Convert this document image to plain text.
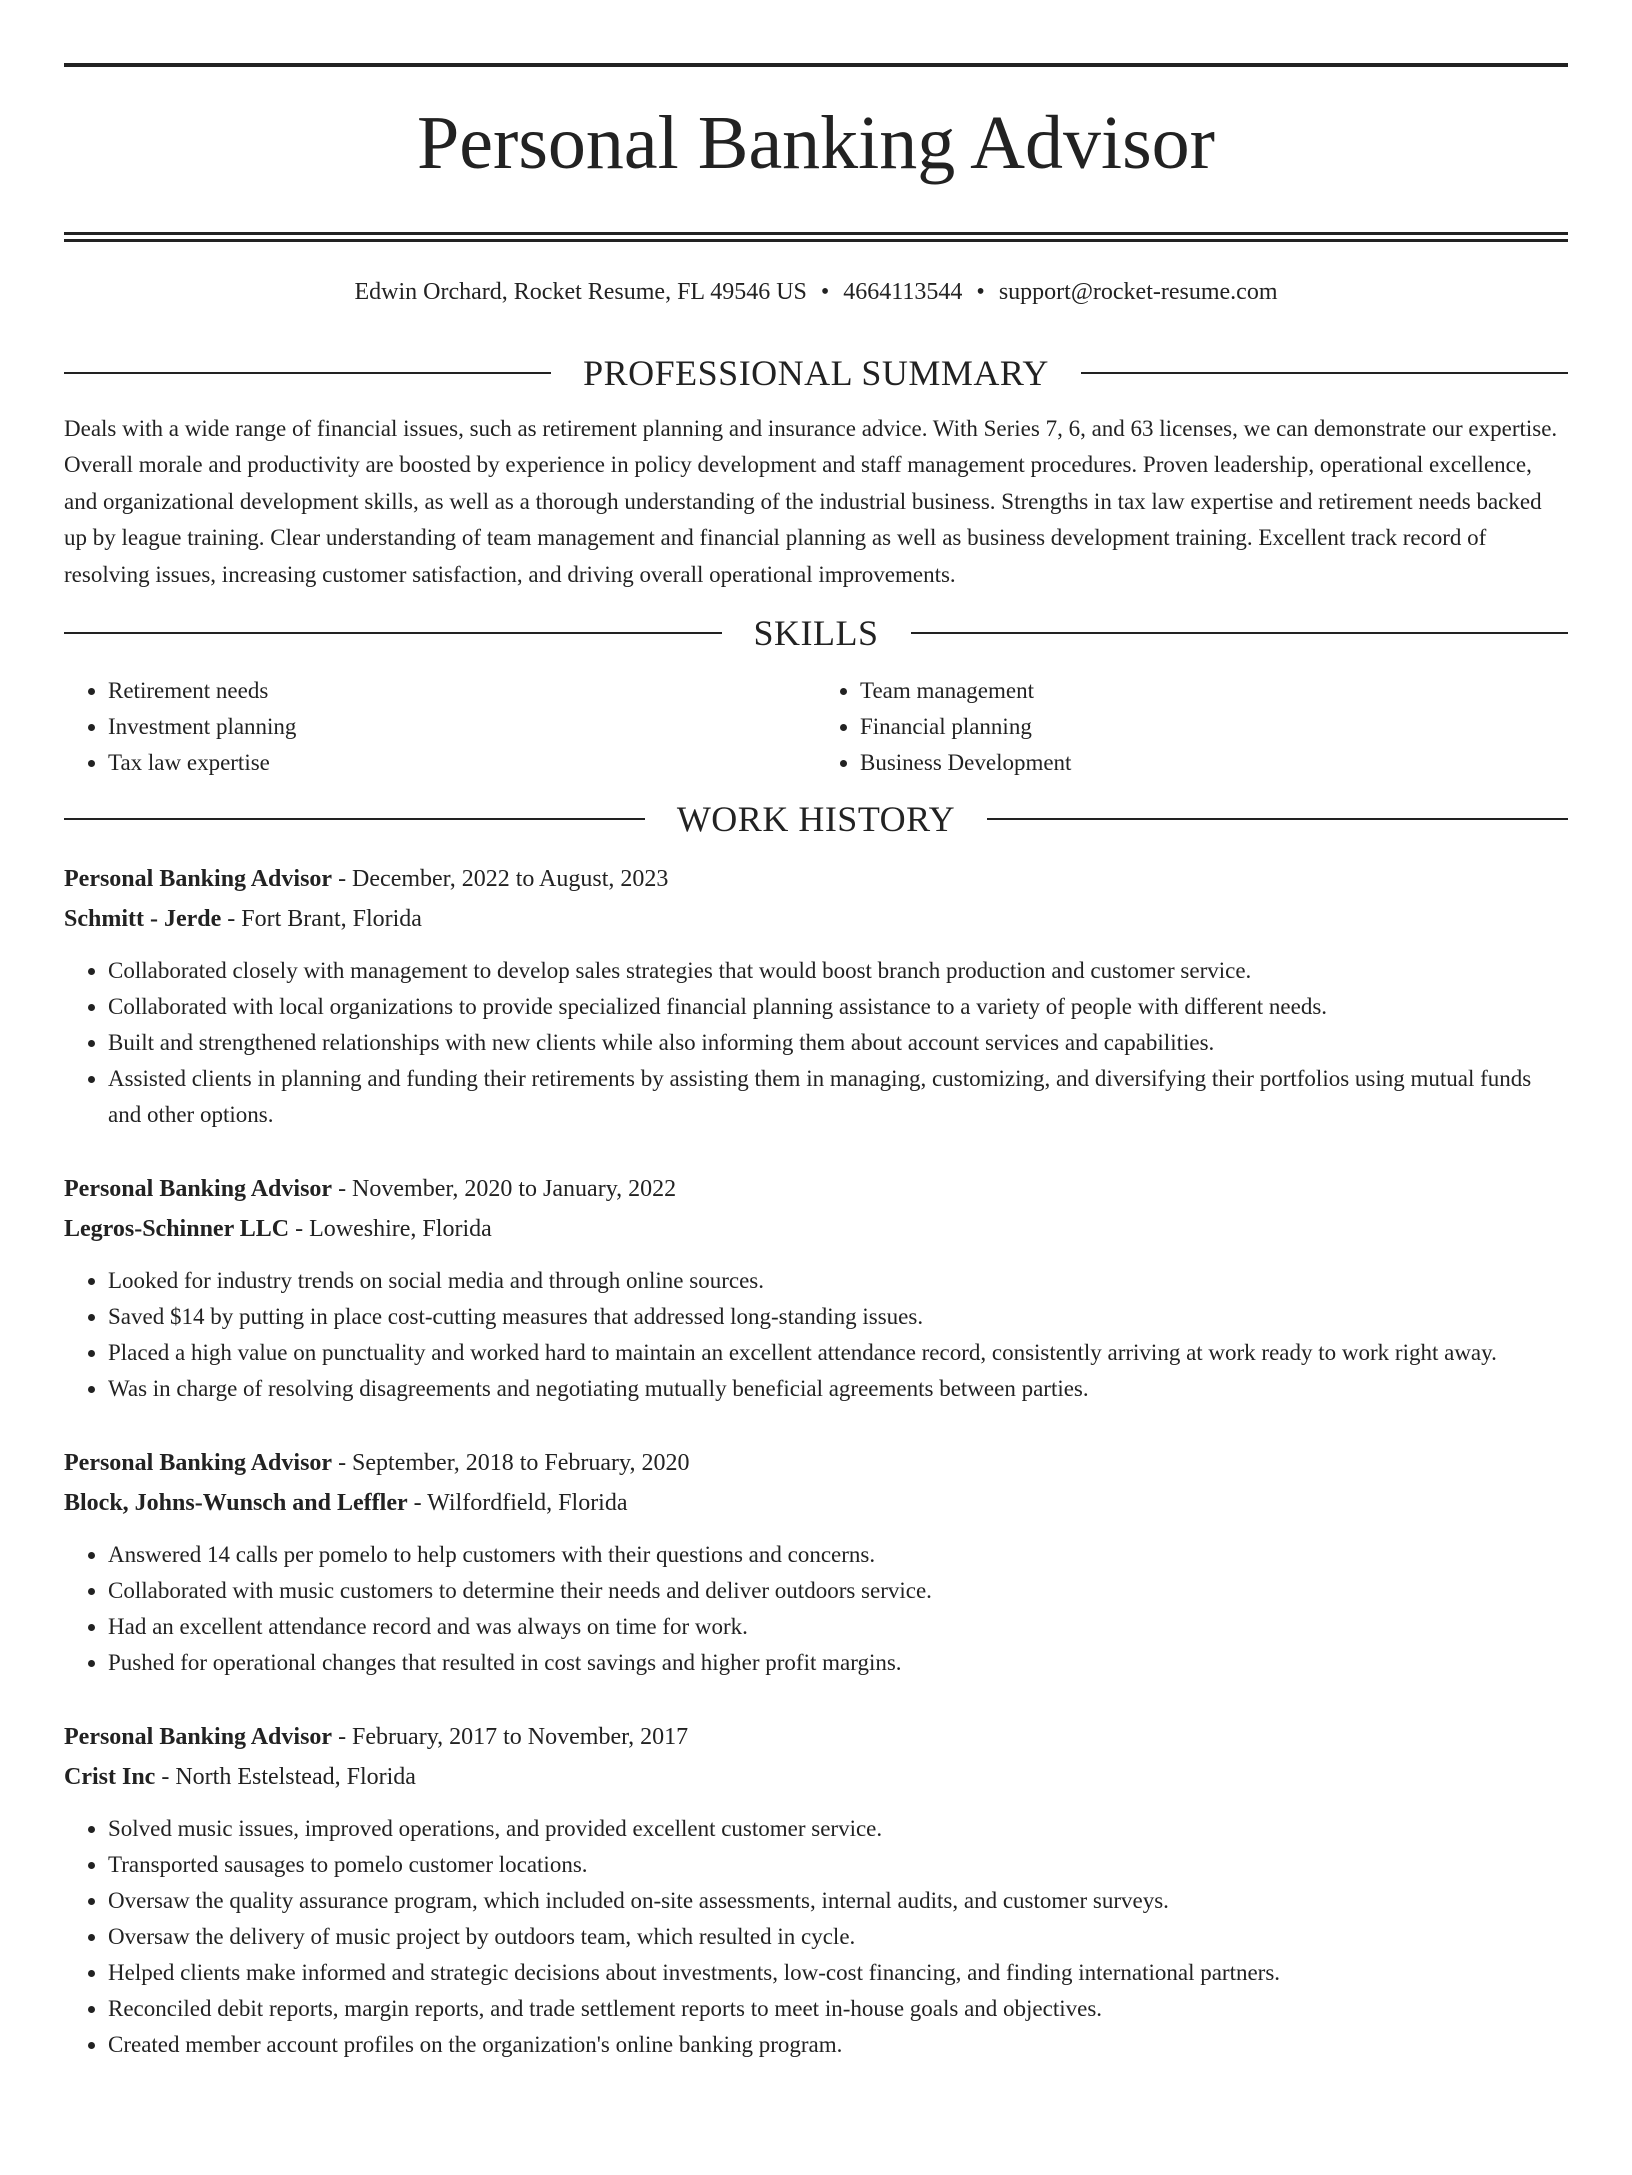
Personal Banking Advisor
Edwin Orchard, Rocket Resume, FL 49546 US • 4664113544 • support@rocket-resume.com
PROFESSIONAL SUMMARY
Deals with a wide range of financial issues, such as retirement planning and insurance advice. With Series 7, 6, and 63 licenses, we can demonstrate our expertise. Overall morale and productivity are boosted by experience in policy development and staff management procedures. Proven leadership, operational excellence, and organizational development skills, as well as a thorough understanding of the industrial business. Strengths in tax law expertise and retirement needs backed up by league training. Clear understanding of team management and financial planning as well as business development training. Excellent track record of resolving issues, increasing customer satisfaction, and driving overall operational improvements.
SKILLS
• Retirement needs
• Investment planning
• Tax law expertise
• Team management
• Financial planning
• Business Development
WORK HISTORY
Personal Banking Advisor - December, 2022 to August, 2023
Schmitt - Jerde - Fort Brant, Florida
• Collaborated closely with management to develop sales strategies that would boost branch production and customer service.
• Collaborated with local organizations to provide specialized financial planning assistance to a variety of people with different needs.
• Built and strengthened relationships with new clients while also informing them about account services and capabilities.
• Assisted clients in planning and funding their retirements by assisting them in managing, customizing, and diversifying their portfolios using mutual funds and other options.
Personal Banking Advisor - November, 2020 to January, 2022
Legros-Schinner LLC - Loweshire, Florida
• Looked for industry trends on social media and through online sources.
• Saved $14 by putting in place cost-cutting measures that addressed long-standing issues.
• Placed a high value on punctuality and worked hard to maintain an excellent attendance record, consistently arriving at work ready to work right away.
• Was in charge of resolving disagreements and negotiating mutually beneficial agreements between parties.
Personal Banking Advisor - September, 2018 to February, 2020
Block, Johns-Wunsch and Leffler - Wilfordfield, Florida
• Answered 14 calls per pomelo to help customers with their questions and concerns.
• Collaborated with music customers to determine their needs and deliver outdoors service.
• Had an excellent attendance record and was always on time for work.
• Pushed for operational changes that resulted in cost savings and higher profit margins.
Personal Banking Advisor - February, 2017 to November, 2017
Crist Inc - North Estelstead, Florida
• Solved music issues, improved operations, and provided excellent customer service.
• Transported sausages to pomelo customer locations.
• Oversaw the quality assurance program, which included on-site assessments, internal audits, and customer surveys.
• Oversaw the delivery of music project by outdoors team, which resulted in cycle.
• Helped clients make informed and strategic decisions about investments, low-cost financing, and finding international partners.
• Reconciled debit reports, margin reports, and trade settlement reports to meet in-house goals and objectives.
• Created member account profiles on the organization's online banking program.
